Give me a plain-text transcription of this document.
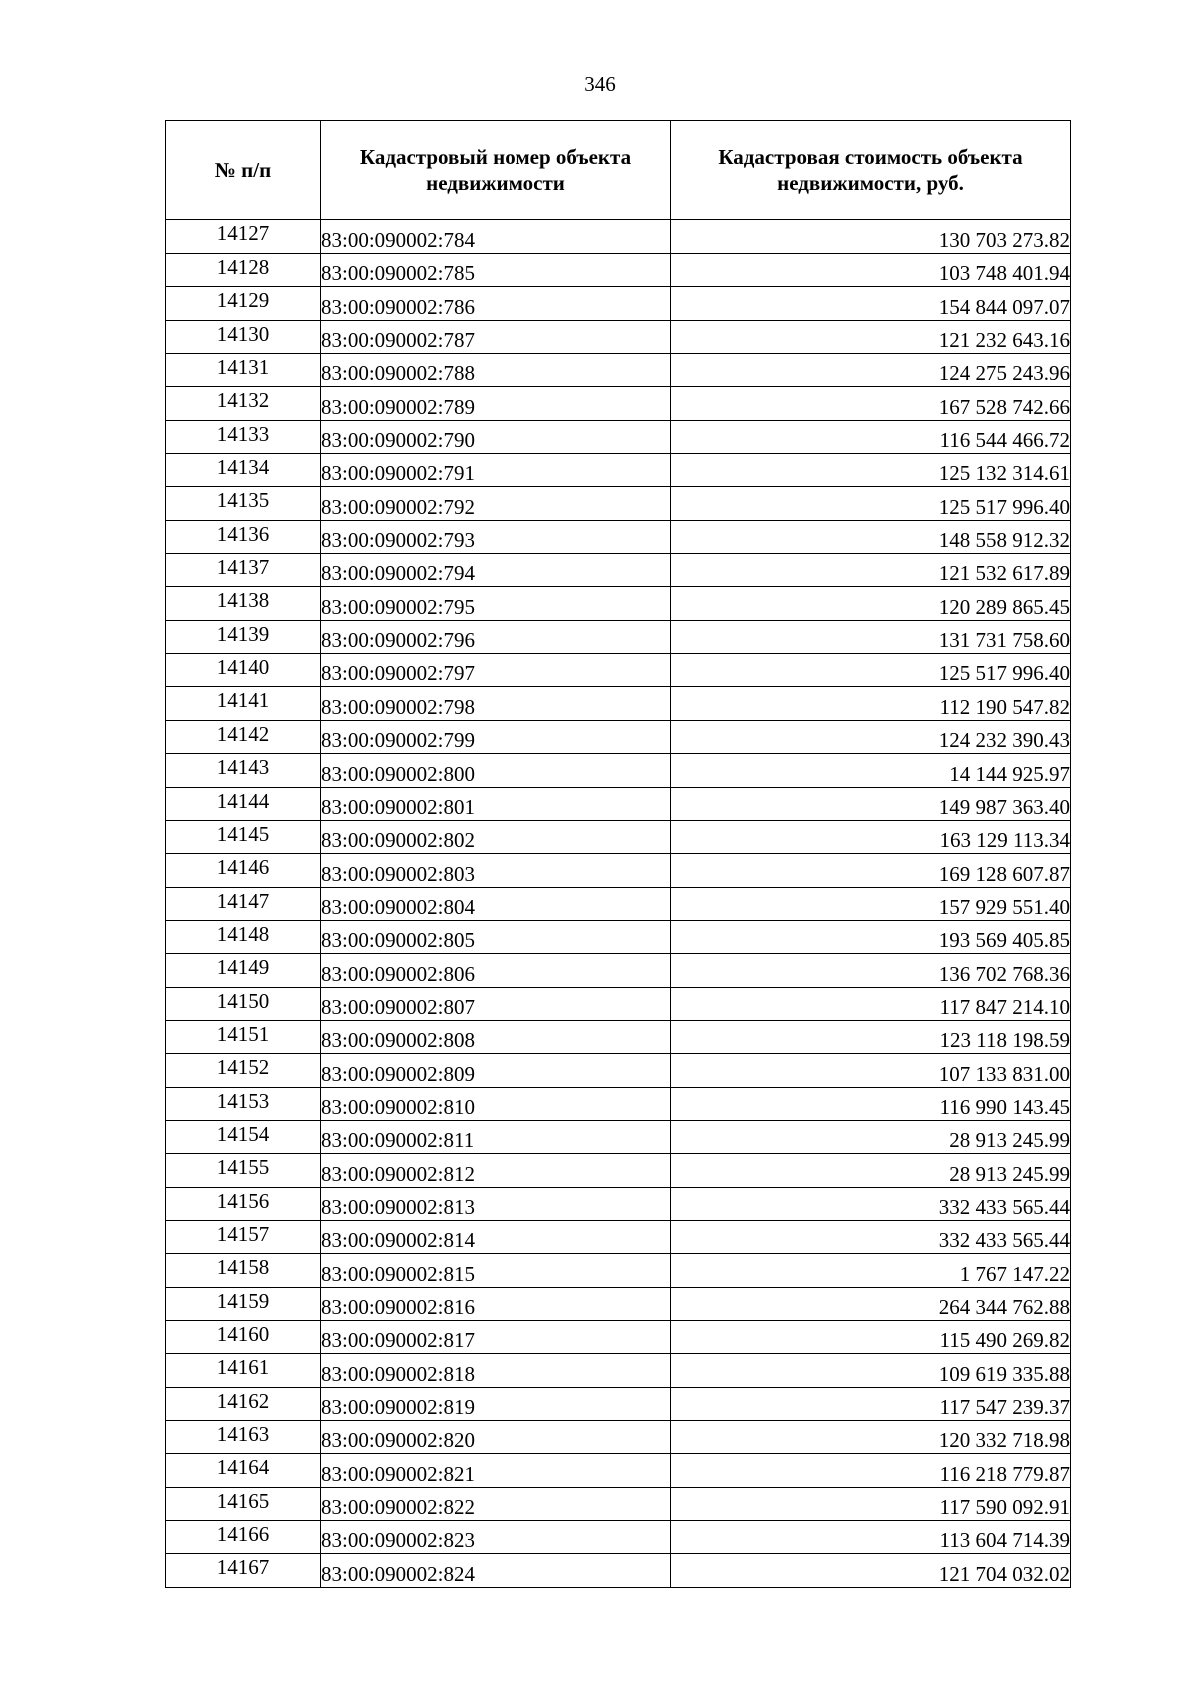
346
№ п/п	Кадастровый номер объекта недвижимости	Кадастровая стоимость объекта недвижимости, руб.
14127	83:00:090002:784	130 703 273.82
14128	83:00:090002:785	103 748 401.94
14129	83:00:090002:786	154 844 097.07
14130	83:00:090002:787	121 232 643.16
14131	83:00:090002:788	124 275 243.96
14132	83:00:090002:789	167 528 742.66
14133	83:00:090002:790	116 544 466.72
14134	83:00:090002:791	125 132 314.61
14135	83:00:090002:792	125 517 996.40
14136	83:00:090002:793	148 558 912.32
14137	83:00:090002:794	121 532 617.89
14138	83:00:090002:795	120 289 865.45
14139	83:00:090002:796	131 731 758.60
14140	83:00:090002:797	125 517 996.40
14141	83:00:090002:798	112 190 547.82
14142	83:00:090002:799	124 232 390.43
14143	83:00:090002:800	14 144 925.97
14144	83:00:090002:801	149 987 363.40
14145	83:00:090002:802	163 129 113.34
14146	83:00:090002:803	169 128 607.87
14147	83:00:090002:804	157 929 551.40
14148	83:00:090002:805	193 569 405.85
14149	83:00:090002:806	136 702 768.36
14150	83:00:090002:807	117 847 214.10
14151	83:00:090002:808	123 118 198.59
14152	83:00:090002:809	107 133 831.00
14153	83:00:090002:810	116 990 143.45
14154	83:00:090002:811	28 913 245.99
14155	83:00:090002:812	28 913 245.99
14156	83:00:090002:813	332 433 565.44
14157	83:00:090002:814	332 433 565.44
14158	83:00:090002:815	1 767 147.22
14159	83:00:090002:816	264 344 762.88
14160	83:00:090002:817	115 490 269.82
14161	83:00:090002:818	109 619 335.88
14162	83:00:090002:819	117 547 239.37
14163	83:00:090002:820	120 332 718.98
14164	83:00:090002:821	116 218 779.87
14165	83:00:090002:822	117 590 092.91
14166	83:00:090002:823	113 604 714.39
14167	83:00:090002:824	121 704 032.02
